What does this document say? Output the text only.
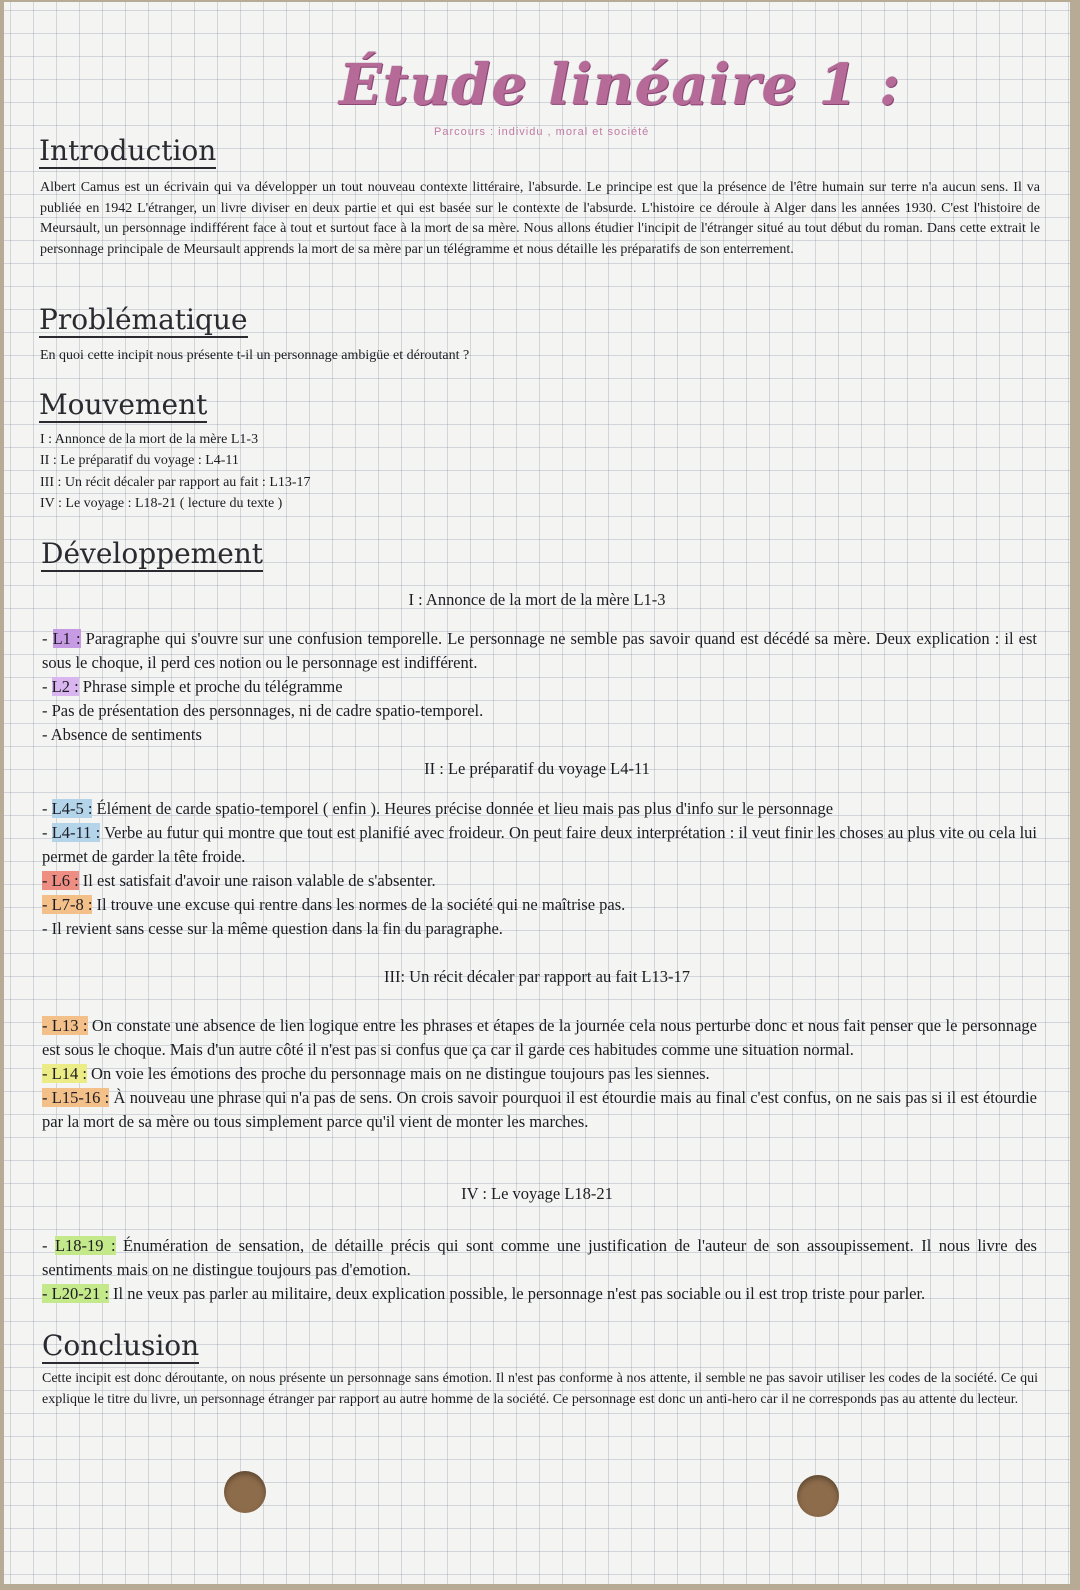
Étude linéaire 1 :
Parcours : individu , moral et société
Introduction
Albert Camus est un écrivain qui va développer un tout nouveau contexte littéraire, l'absurde. Le principe est que la présence de l'être humain sur terre n'a aucun sens. Il va publiée en 1942 L'étranger, un livre diviser en deux partie et qui est basée sur le contexte de l'absurde. L'histoire ce déroule à Alger dans les années 1930. C'est l'histoire de Meursault, un personnage indifférent face à tout et surtout face à la mort de sa mère. Nous allons étudier l'incipit de l'étranger situé au tout début du roman. Dans cette extrait le personnage principale de Meursault apprends la mort de sa mère par un télégramme et nous détaille les préparatifs de son enterrement.
Problématique
En quoi cette incipit nous présente t-il un personnage ambigüe et déroutant ?
Mouvement
I : Annonce de la mort de la mère L1-3
II : Le préparatif du voyage : L4-11
III : Un récit décaler par rapport au fait : L13-17
IV : Le voyage : L18-21 ( lecture du texte )
Développement
I : Annonce de la mort de la mère L1-3

- L1 : Paragraphe qui s'ouvre sur une confusion temporelle. Le personnage ne semble pas savoir quand est décédé sa mère. Deux explication : il est sous le choque, il perd ces notion ou le personnage est indifférent.

- L2 : Phrase simple et proche du télégramme

- Pas de présentation des personnages, ni de cadre spatio-temporel.

- Absence de sentiments

II : Le préparatif du voyage L4-11

- L4-5 : Élément de carde spatio-temporel ( enfin ). Heures précise donnée et lieu mais pas plus d'info sur le personnage

- L4-11 : Verbe au futur qui montre que tout est planifié avec froideur. On peut faire deux interprétation : il veut finir les choses au plus vite ou cela lui permet de garder la tête froide.

- L6 : Il est satisfait d'avoir une raison valable de s'absenter.

- L7-8 : Il trouve une excuse qui rentre dans les normes de la société qui ne maîtrise pas.

- Il revient sans cesse sur la même question dans la fin du paragraphe.

III: Un récit décaler par rapport au fait L13-17

- L13 : On constate une absence de lien logique entre les phrases et étapes de la journée cela nous perturbe donc et nous fait penser que le personnage est sous le choque. Mais d'un autre côté il n'est pas si confus que ça car il garde ces habitudes comme une situation normal.

- L14 : On voie les émotions des proche du personnage mais on ne distingue toujours pas les siennes.

- L15-16 : À nouveau une phrase qui n'a pas de sens. On crois savoir pourquoi il est étourdie mais au final c'est confus, on ne sais pas si il est étourdie par la mort de sa mère ou tous simplement parce qu'il vient de monter les marches.

IV : Le voyage L18-21

- L18-19 : Énumération de sensation, de détaille précis qui sont comme une justification de l'auteur de son assoupissement. Il nous livre des sentiments mais on ne distingue toujours pas d'emotion.

- L20-21 : Il ne veux pas parler au militaire, deux explication possible, le personnage n'est pas sociable ou il est trop triste pour parler.

Conclusion
Cette incipit est donc déroutante, on nous présente un personnage sans émotion. Il n'est pas conforme à nos attente, il semble ne pas savoir utiliser les codes de la société. Ce qui explique le titre du livre, un personnage étranger par rapport au autre homme de la société. Ce personnage est donc un anti-hero car il ne corresponds pas au attente du lecteur.
